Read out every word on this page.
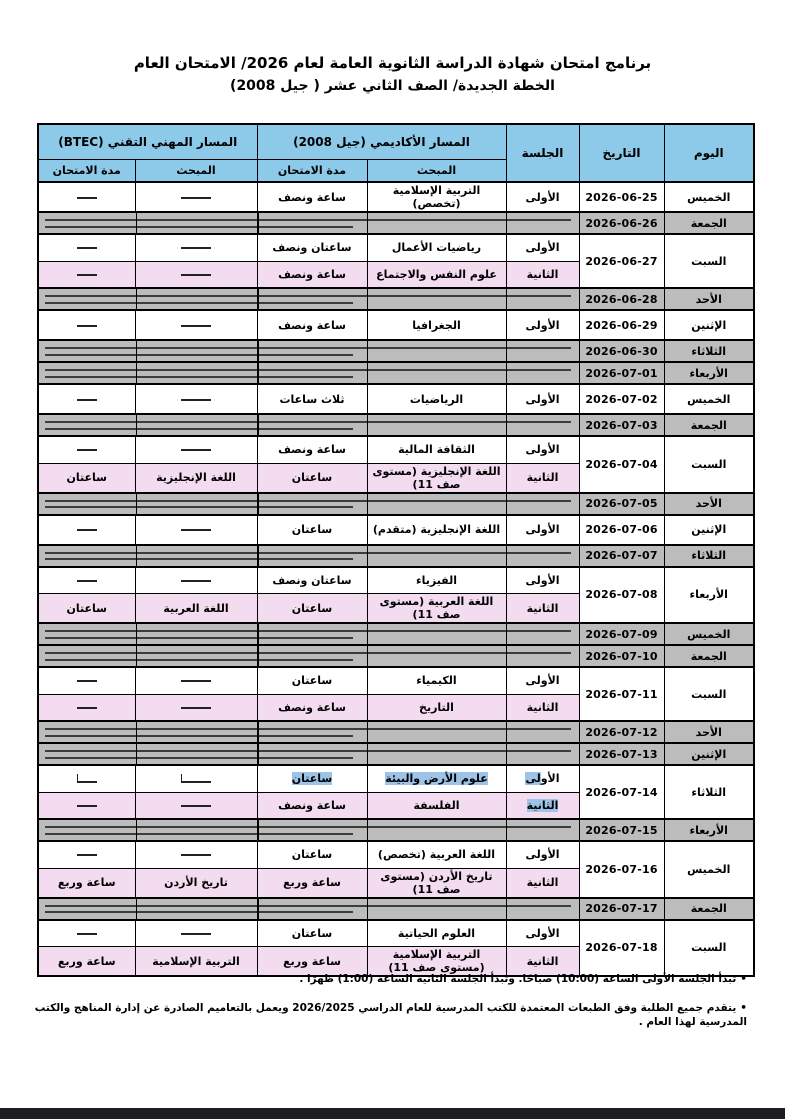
برنامج امتحان شهادة الدراسة الثانوية العامة لعام 2026/ الامتحان العام
الخطة الجديدة/ الصف الثاني عشر ( جيل 2008)
اليوم	التاريخ	الجلسة	المسار الأكاديمي (جيل 2008)		المسار المهني التقني (BTEC)	
			المبحث	مدة الامتحان	المبحث	مدة الامتحان
الخميس	2026-06-25	الأولى	التربية الإسلامية (تخصص)	ساعة ونصف		
الجمعة	2026-06-26					

السبت	2026-06-27	الأولى	رياضيات الأعمال	ساعتان ونصف		
		الثانية	علوم النفس والاجتماع	ساعة ونصف		
الأحد	2026-06-28					

الإثنين	2026-06-29	الأولى	الجغرافيا	ساعة ونصف		
الثلاثاء	2026-06-30					

الأربعاء	2026-07-01					

الخميس	2026-07-02	الأولى	الرياضيات	ثلاث ساعات		
الجمعة	2026-07-03					

السبت	2026-07-04	الأولى	الثقافة المالية	ساعة ونصف		
		الثانية	اللغة الإنجليزية (مستوى صف 11)	ساعتان	اللغة الإنجليزية	ساعتان
الأحد	2026-07-05					

الإثنين	2026-07-06	الأولى	اللغة الإنجليزية (متقدم)	ساعتان		
الثلاثاء	2026-07-07					

الأربعاء	2026-07-08	الأولى	الفيزياء	ساعتان ونصف		
		الثانية	اللغة العربية (مستوى صف 11)	ساعتان	اللغة العربية	ساعتان
الخميس	2026-07-09					

الجمعة	2026-07-10					

السبت	2026-07-11	الأولى	الكيمياء	ساعتان		
		الثانية	التاريخ	ساعة ونصف		
الأحد	2026-07-12					

الإثنين	2026-07-13					

الثلاثاء	2026-07-14	الأولى	علوم الأرض والبيئة	ساعتان		
		الثانية	الفلسفة	ساعة ونصف		
الأربعاء	2026-07-15					

الخميس	2026-07-16	الأولى	اللغة العربية (تخصص)	ساعتان		
		الثانية	تاريخ الأردن (مستوى صف 11)	ساعة وربع	تاريخ الأردن	ساعة وربع
الجمعة	2026-07-17					

السبت	2026-07-18	الأولى	العلوم الحياتية	ساعتان		
		الثانية	التربية الإسلامية (مستوى صف 11)	ساعة وربع	التربية الإسلامية	ساعة وربع
•تبدأ الجلسة الأولى الساعة (10:00) صباحًا. وتبدأ الجلسة الثانية الساعة (1:00) ظهرًا .
•يتقدم جميع الطلبة وفق الطبعات المعتمدة للكتب المدرسية للعام الدراسي 2026/2025 ويعمل بالتعاميم الصادرة عن إدارة المناهج والكتب المدرسية لهذا العام .
